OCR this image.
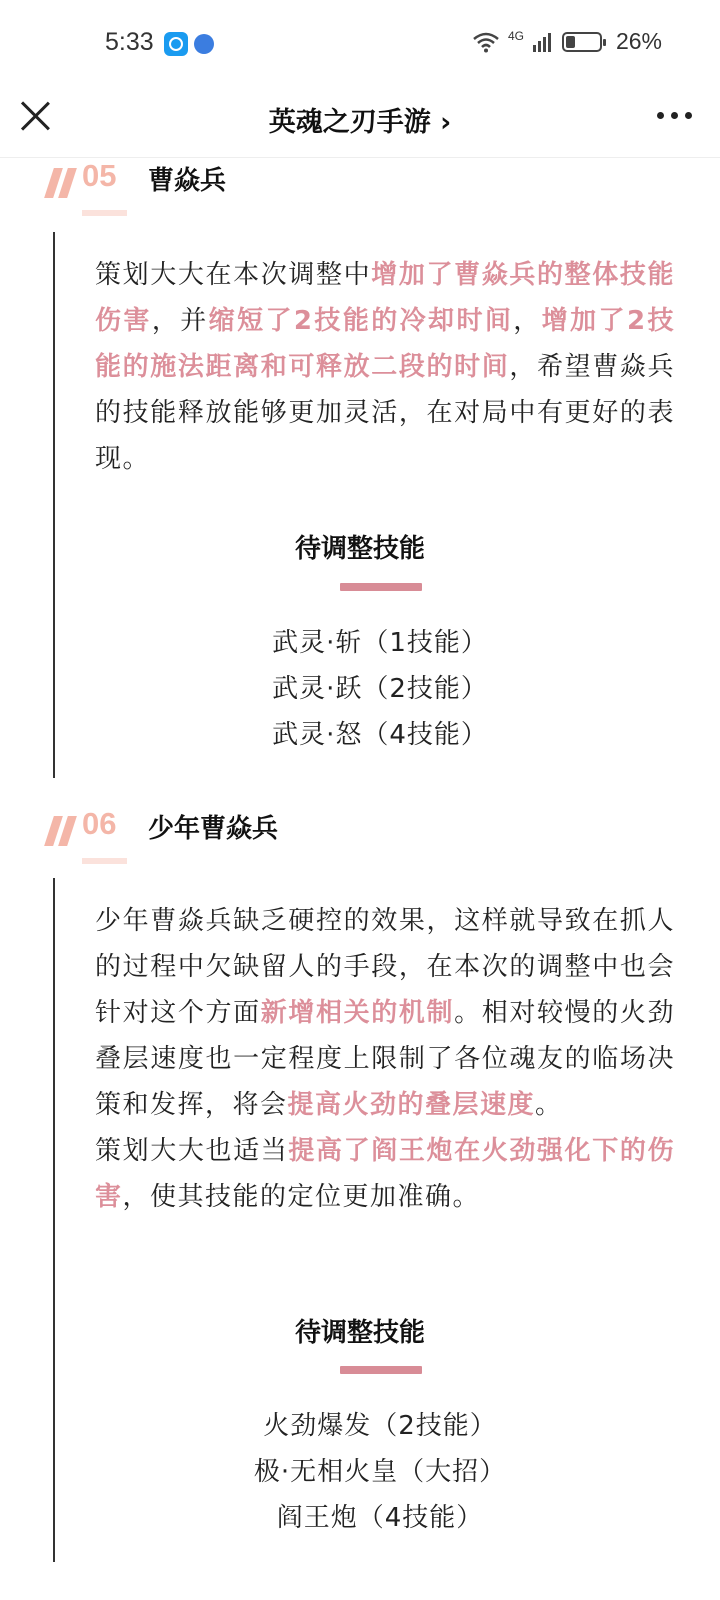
5:33	4G	26%
英魂之刃手游 ›
05 曹焱兵
策划大大在本次调整中增加了曹焱兵的整体技能伤害，并缩短了2技能的冷却时间，增加了2技能的施法距离和可释放二段的时间，希望曹焱兵的技能释放能够更加灵活，在对局中有更好的表现。
待调整技能
武灵·斩（1技能）
武灵·跃（2技能）
武灵·怒（4技能）
06 少年曹焱兵
少年曹焱兵缺乏硬控的效果，这样就导致在抓人的过程中欠缺留人的手段，在本次的调整中也会针对这个方面新增相关的机制。相对较慢的火劲叠层速度也一定程度上限制了各位魂友的临场决策和发挥，将会提高火劲的叠层速度。
策划大大也适当提高了阎王炮在火劲强化下的伤害，使其技能的定位更加准确。
待调整技能
火劲爆发（2技能）
极·无相火皇（大招）
阎王炮（4技能）
